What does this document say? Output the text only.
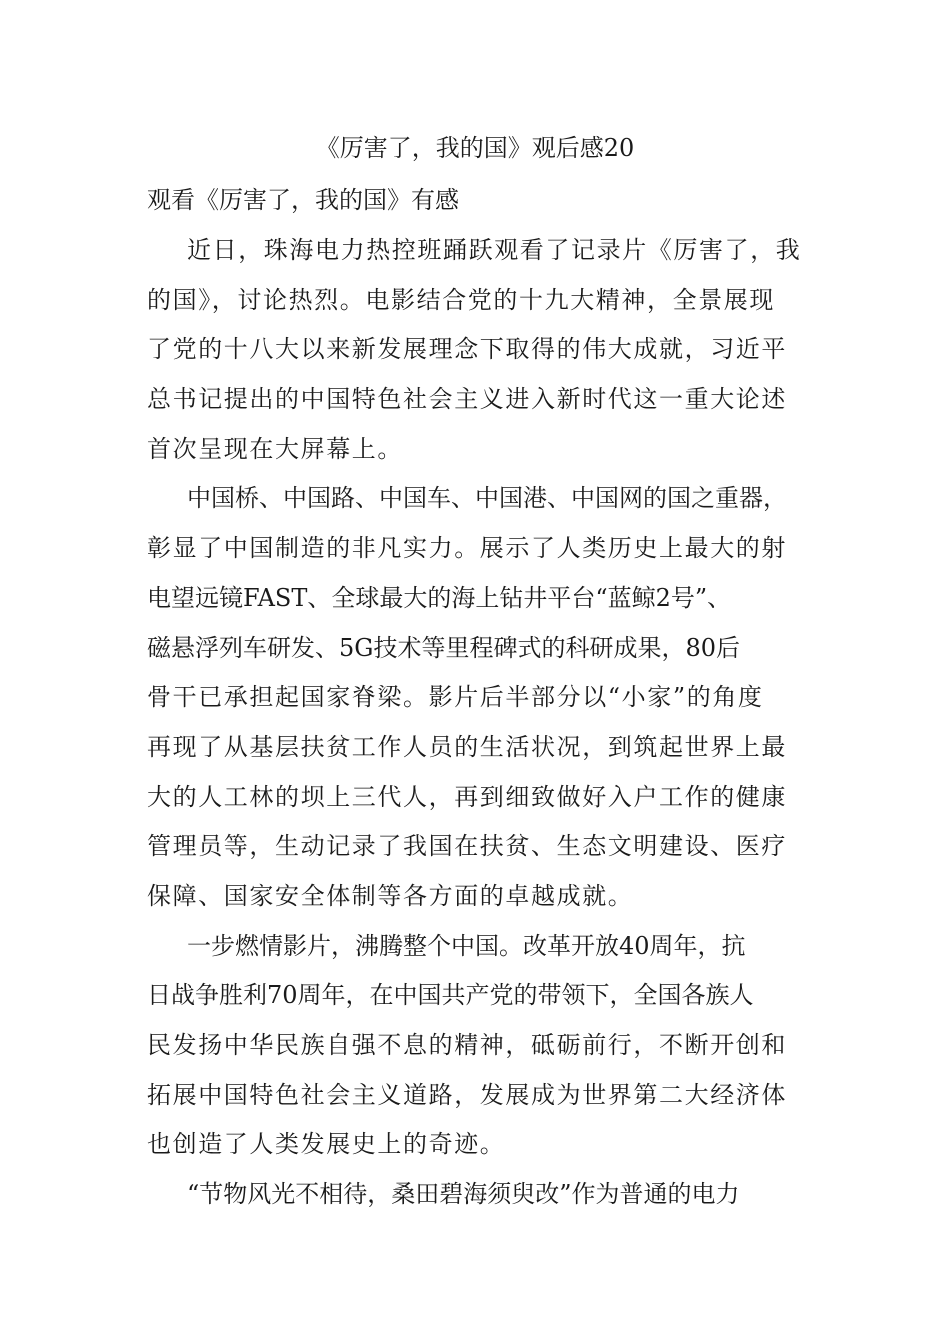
《厉害了，我的国》观后感20
观看《厉害了，我的国》有感
近日，珠海电力热控班踊跃观看了记录片《厉害了，我
的国》，讨论热烈。电影结合党的十九大精神，全景展现
了党的十八大以来新发展理念下取得的伟大成就，习近平
总书记提出的中国特色社会主义进入新时代这一重大论述
首次呈现在大屏幕上。
中国桥、中国路、中国车、中国港、中国网的国之重器，
彰显了中国制造的非凡实力。展示了人类历史上最大的射
电望远镜FAST、全球最大的海上钻井平台“蓝鲸2号”、
磁悬浮列车研发、5G技术等里程碑式的科研成果，80后
骨干已承担起国家脊梁。影片后半部分以“小家”的角度
再现了从基层扶贫工作人员的生活状况，到筑起世界上最
大的人工林的坝上三代人，再到细致做好入户工作的健康
管理员等，生动记录了我国在扶贫、生态文明建设、医疗
保障、国家安全体制等各方面的卓越成就。
一步燃情影片，沸腾整个中国。改革开放40周年，抗
日战争胜利70周年，在中国共产党的带领下，全国各族人
民发扬中华民族自强不息的精神，砥砺前行，不断开创和
拓展中国特色社会主义道路，发展成为世界第二大经济体
也创造了人类发展史上的奇迹。
“节物风光不相待，桑田碧海须臾改”作为普通的电力
